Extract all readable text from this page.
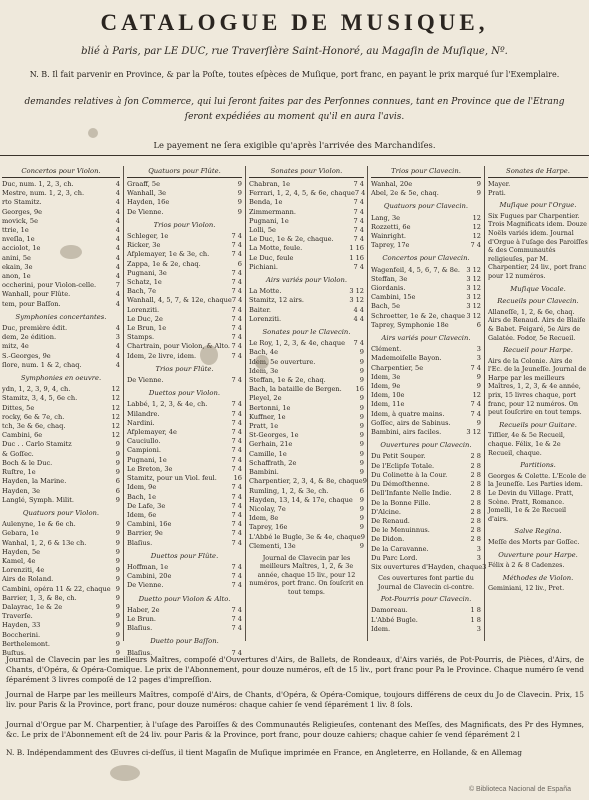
CATALOGUE DE MUSIQUE,
blié à Paris, par LE DUC, rue Traverſière Saint-Honoré, au Magaſin de Muſique, Nº.
N. B. Il fait parvenir en Province, & par la Poſte, toutes eſpèces de Muſique, port franc, en payant le prix marqué ſur l'Exemplaire.
demandes relatives à ſon Commerce, qui lui ſeront faites par des Perſonnes connues, tant en Province que de l'Etrang
ſeront expédiées au moment qu'il en aura l'avis.
Le payement ne ſera exigible qu'après l'arrivée des Marchandiſes.
Concertos pour Violon.
Duc, num. 1, 2, 3, ch.	4
Mestre, num. 1, 2, 3, ch.	4
rto Stamitz.	4
Georges, 9e	4
movick, 5e	4
ttrie, 1e	4
nveſla, 1e	4
acciolot, 1e	4
anini, 5e	4
ekain, 3e	4
anon, 1e	4
occherini, pour Violon-celle.	7
Wanhall, pour Flûte.	4
tem, pour Baſſon.	4
Symphonies concertantes.
Duc, première édit.	4
dem, 2e édition.	3
mitz, 4e	4
S.-Georges, 9e	4
ſlore, num. 1 & 2, chaq.	4
Symphonies en oeuvre.
ydn, 1, 2, 3, 9, 4, ch.	12
Stamitz, 3, 4, 5, 6e ch.	12
Dittes, 5e	12
rocky, 6e & 7e, ch.	12
tch, 3e & 6e, chaq.	12
Cambini, 6e	12
Duc . . Carlo Stamitz	9
& Goſſec.	9
Boch & le Duc.	9
Ruſtre, 1e	9
Hayden, la Marine.	6
Hayden, 3e	6
Langlé, Symph. Milit.	9
Quatuors pour Violon.
Aulenyne, 1e & 6e ch.	9
Gebara, 1e	9
Wanhal, 1, 2, 6 & 13e ch.	9
Hayden, 5e	9
Kamel, 4e	9
Lorenziti, 4e	9
Airs de Roland.	9
Cambini, opéra 11 & 22, chaque 9
Barrier, 1, 3, & 8e, ch.	9
Dalayrac, 1e & 2e	9
Traverſe.	9
Hayden, 33	9
Boccherini.	9
Berthelemont.	9
Buſtus.	9
Quatuors pour Flûte.
Graaff, 5e	9
Wanhall, 3e	9
Hayden, 16e	9
De Vienne.	9
Trios pour Violon.
Schleger, 1e	7 4
Ricker, 3e	7 4
Afplemayer, 1e & 3e, ch.	7 4
Zappa, 1e & 2e, chaq.	6
Pugnani, 3e	7 4
Schatz, 1e	7 4
Bach, 7e	7 4
Wanhall, 4, 5, 7, & 12e, chaque 7 4
Lorenziti.	7 4
Le Duc, 2e	7 4
Le Brun, 1e	7 4
Stamps.	7 4
Chartrain, pour Violon, & Alto. 7 4
Idem, 2e livre, idem.	7 4
Trios pour Flûte.
De Vienne.	7 4
Duettos pour Violon.
Labbé, 1, 2, 3, & 4e, ch.	7 4
Milandre.	7 4
Nardini.	7 4
Afplemayer, 4e	7 4
Cauciullo.	7 4
Campioni.	7 4
Pugnani, 1e	7 4
Le Breton, 3e	7 4
Stamitz, pour un Viol. feul.	16
Idem, 9e	7 4
Bach, 1e	7 4
De Lafe, 3e	7 4
Idem, 6e	7 4
Cambini, 16e	7 4
Barrier, 9e	7 4
Blaſius.	7 4
Duettos pour Flûte.
Hoffman, 1e	7 4
Cambini, 20e	7 4
De Vienne.	7 4
Duetto pour Violon & Alto.
Haber, 2e	7 4
Le Brun.	7 4
Blaſius.	7 4
Duetto pour Baſſon.
Blaſius.	7 4
Sonates pour Violon.
Chabran, 1e	7 4
Ferrari, 1, 2, 4, 5, & 6e, chaque 7 4
Benda, 1e	7 4
Zimmermann.	7 4
Pugnani, 1e	7 4
Lolli, 5e	7 4
Le Duc, 1e & 2e, chaque.	7 4
La Motte, feule.	1 16
Le Duc, feule	1 16
Pichiani.	7 4
Airs variés pour Violon.
La Motte.	3 12
Stamitz, 12 airs.	3 12
Baiter.	4 4
Lorenziti.	4 4
Sonates pour le Clavecin.
Le Roy, 1, 2, 3, & 4e, chaque	7 4
Bach, 4e	9
Idem, 5e ouverture.	9
Idem, 3e	9
Steffan, 1e & 2e, chaq.	9
Bach, la bataille de Bergen.	16
Pleyel, 2e	9
Bertonni, 1e	9
Kuffner, 1e	9
Pratt, 1e	9
St-Georges, 1e	9
Gerhain, 21e	9
Camille, 1e	9
Schaffrath, 2e	9
Bambini.	9
Charpentier, 2, 3, 4, & 8e, chaque 9
Rumling, 1, 2, & 3e, ch.	6
Hayden, 13, 14, & 17e, chaque	9
Nicolay, 7e	9
Idem, 8e	9
Taprey, 16e	9
L'Abbé le Bugle, 3e & 4e, chaque 9
Clementi, 13e	9
Journal de Clavecin par les meilleurs Maîtres, 1, 2, & 3e année, chaque 15 liv., pour 12 numéros, port franc. On ſouſcrit en tout temps.
Trios pour Clavecin.
Wanhal, 20e	9
Abel, 2e & 5e, chaq.	9
Quatuors pour Clavecin.
Lang, 3e	12
Rozzetti, 6e	12
Wainright.	12
Taprey, 17e	7 4
Concertos pour Clavecin.
Wagenfeil, 4, 5, 6, 7, & 8e. 3 12
Steffan, 3e	3 12
Giordanis.	3 12
Cambini, 15e	3 12
Bach, 5e	3 12
Schroetter, 1e & 2e, chaque 3 12
Taprey, Symphonie 18e	6
Airs variés pour Clavecin.
Clément.	3
Mademoiſelle Bayon.	3
Charpentier, 5e	7 4
Idem, 3e	9
Idem, 9e	9
Idem, 10e	12
Idem, 11e	7 4
Idem, à quatre mains.	7 4
Goſſec, airs de Sabinus.	9
Bambini, airs faciles.	3 12
Ouvertures pour Clavecin.
Du Petit Souper.	2 8
De l'Eclipſe Totale.	2 8
Du Colinette à la Cour.	2 8
Du Démoſthenne.	2 8
Dell'Infante Nelle Indie.	2 8
De la Bonne Fille.	2 8
D'Alcine.	2 8
De Renaud.	2 8
De le Menuinnus.	2 8
De Didon.	2 8
De la Caravanne.	3
Du Parc Lord.	3
Six ouvertures d'Hayden, chaque 3
Ces ouvertures font partie du Journal de Clavecin ci-contre.
Pot-Pourris pour Clavecin.
Damoreau.	1 8
L'Abbé Bugle.	1 8
Idem.	3
Sonates de Harpe.
Mayer.
Prati.
Muſique pour l'Orgue.
Six Fugues par Charpentier. Trois Magnificats idem. Douze Noëls variés idem. Journal d'Orgue à l'uſage des Paroiſſes & des Communautés religieuſes, par M. Charpentier, 24 liv., port franc pour 12 numéros.
Muſique Vocale.
Recueils pour Clavecin.
Allaneſſe, 1, 2, & 6e, chaq. Airs de Renaud. Airs de Blaiſe & Babet. Feigaré, 5e Airs de Galatée. Fodor, 5e Recueil.
Recueil pour Harpe.
Airs de la Colonie. Airs de l'Ec. de la Jeuneſſe. Journal de Harpe par les meilleurs Maîtres, 1, 2, 3, & 4e année, prix, 15 livres chaque, port franc, pour 12 numéros. On peut ſouſcrire en tout temps.
Recueils pour Guitare.
Tiſſier, 4e & 5e Recueil, chaque. Félix, 1e & 2e Recueil, chaque.
Partitions.
Georges & Colette. L'Ecole de la Jeuneſſe. Les Parties idem. Le Devin du Village. Pratt, Scène. Pratt, Romance. Jomelli, 1e & 2e Recueil d'airs.
Salve Regina.
Meſſe des Morts par Goſſec.
Ouverture pour Harpe.
Félix à 2 & 8 Cadenzes.
Méthodes de Violon.
Geminiani, 12 liv., Pret.
Journal de Clavecin par les meilleurs Maîtres, compoſé d'Ouvertures d'Airs, de Ballets, de Rondeaux, d'Airs variés, de Pot-Pourris, de Pièces, d'Airs, de Chants, d'Opéra, & Opéra-Comique. Le prix de l'Abonnement, pour douze numéros, eſt de 15 liv., port franc pour Pa le Province. Chaque numéro ſe vend ſéparément 3 livres compoſé de 12 pages d'impreſſion.
Journal de Harpe par les meilleurs Maîtres, compoſé d'Airs, de Chants, d'Opéra, & Opéra-Comique, toujours différens de ceux du Jo de Clavecin. Prix, 15 liv. pour Paris & la Province, port franc, pour douze numéros: chaque cahier ſe vend ſéparément 1 liv. 8 ſols.
Journal d'Orgue par M. Charpentier, à l'uſage des Paroiſſes & des Communautés Religieuſes, contenant des Meſſes, des Magnificats, des Pr des Hymnes, &c. Le prix de l'Abonnement eſt de 24 liv. pour Paris & la Province, port franc, pour douze cahiers; chaque cahier ſe vend ſéparément 2 l
N. B. Indépendamment des Œuvres ci-deſſus, il tient Magaſin de Muſique imprimée en France, en Angleterre, en Hollande, & en Allemag
© Biblioteca Nacional de España
